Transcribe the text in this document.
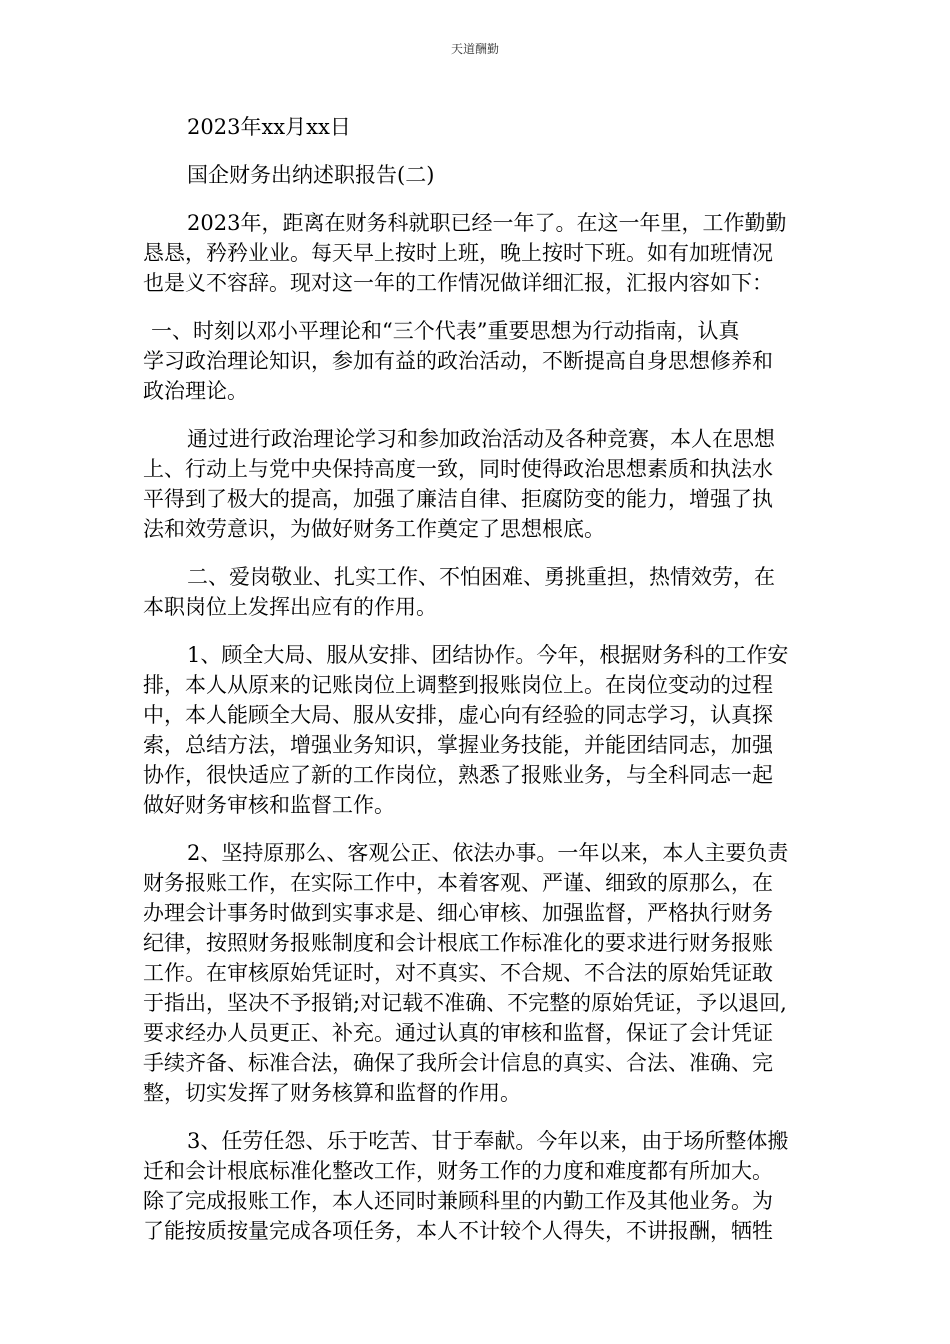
天道酬勤
2023年xx月xx日
国企财务出纳述职报告(二)
2023年，距离在财务科就职已经一年了。在这一年里，工作勤勤
恳恳，矜矜业业。每天早上按时上班，晚上按时下班。如有加班情况
也是义不容辞。现对这一年的工作情况做详细汇报，汇报内容如下：
一、时刻以邓小平理论和“三个代表”重要思想为行动指南，认真
学习政治理论知识，参加有益的政治活动，不断提高自身思想修养和
政治理论。
通过进行政治理论学习和参加政治活动及各种竞赛，本人在思想
上、行动上与党中央保持高度一致，同时使得政治思想素质和执法水
平得到了极大的提高，加强了廉洁自律、拒腐防变的能力，增强了执
法和效劳意识，为做好财务工作奠定了思想根底。
二、爱岗敬业、扎实工作、不怕困难、勇挑重担，热情效劳，在
本职岗位上发挥出应有的作用。
1、顾全大局、服从安排、团结协作。今年，根据财务科的工作安
排，本人从原来的记账岗位上调整到报账岗位上。在岗位变动的过程
中，本人能顾全大局、服从安排，虚心向有经验的同志学习，认真探
索，总结方法，增强业务知识，掌握业务技能，并能团结同志，加强
协作，很快适应了新的工作岗位，熟悉了报账业务，与全科同志一起
做好财务审核和监督工作。
2、坚持原那么、客观公正、依法办事。一年以来，本人主要负责
财务报账工作，在实际工作中，本着客观、严谨、细致的原那么，在
办理会计事务时做到实事求是、细心审核、加强监督，严格执行财务
纪律，按照财务报账制度和会计根底工作标准化的要求进行财务报账
工作。在审核原始凭证时，对不真实、不合规、不合法的原始凭证敢
于指出，坚决不予报销;对记载不准确、不完整的原始凭证，予以退回,
要求经办人员更正、补充。通过认真的审核和监督，保证了会计凭证
手续齐备、标准合法，确保了我所会计信息的真实、合法、准确、完
整，切实发挥了财务核算和监督的作用。
3、任劳任怨、乐于吃苦、甘于奉献。今年以来，由于场所整体搬
迁和会计根底标准化整改工作，财务工作的力度和难度都有所加大。
除了完成报账工作，本人还同时兼顾科里的内勤工作及其他业务。为
了能按质按量完成各项任务，本人不计较个人得失，不讲报酬，牺牲
